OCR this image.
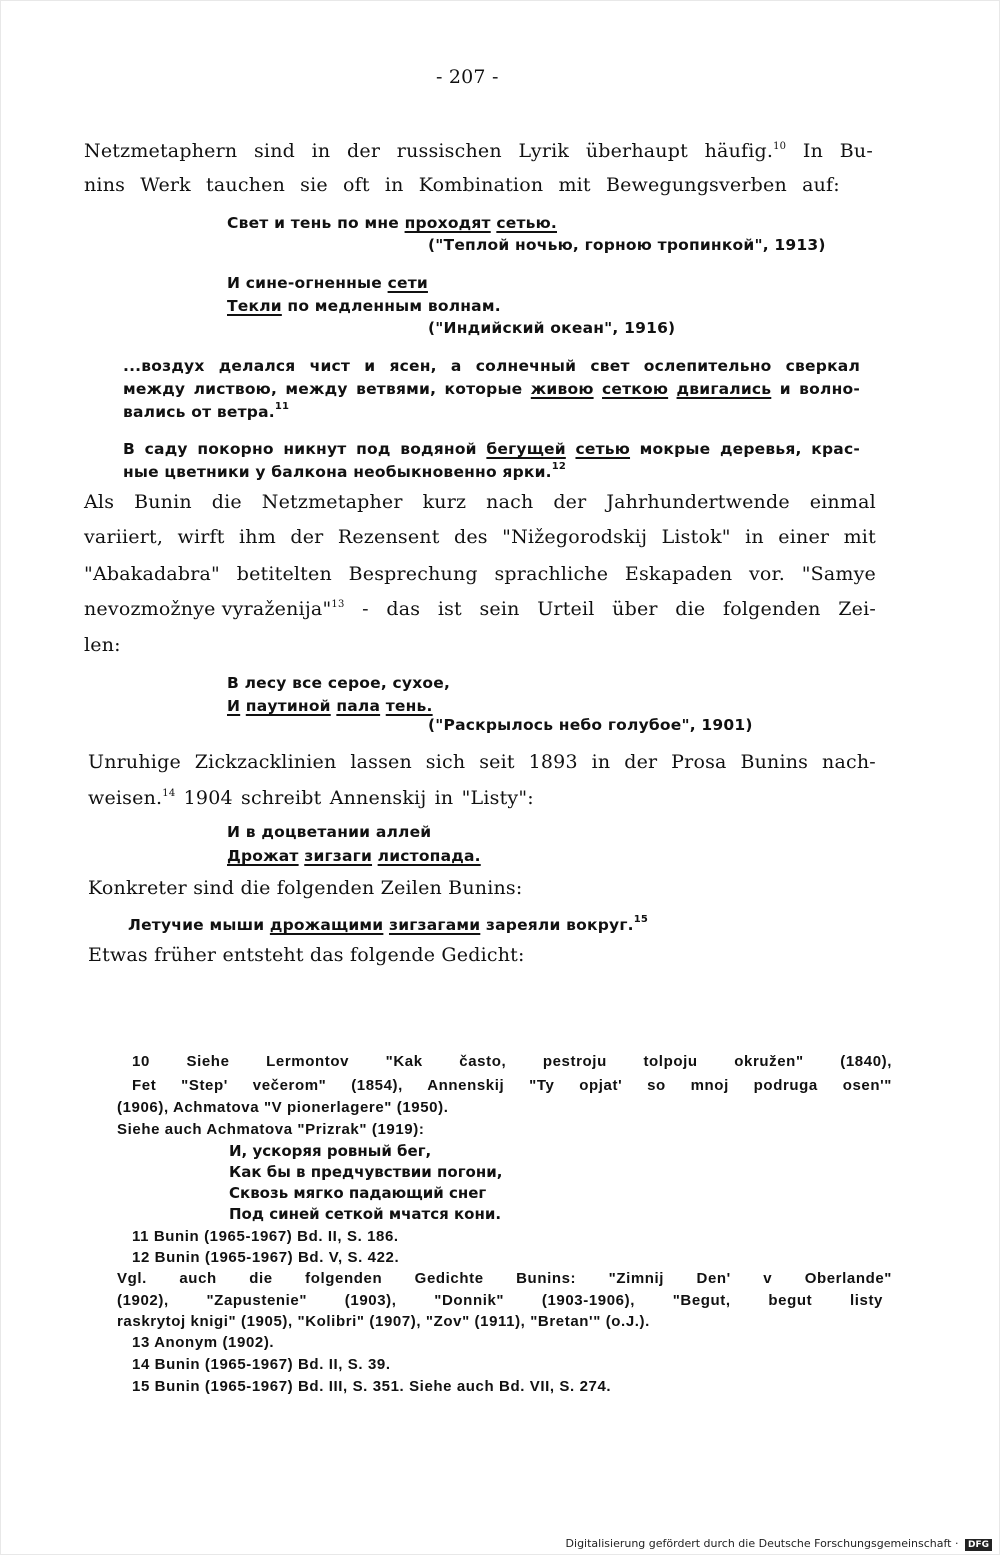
- 207 -
Netzmetaphern sind in der russischen Lyrik überhaupt häufig.$^{10}$ In Bu-
nins Werk tauchen sie oft in Kombination mit Bewegungsverben auf:
Свет и тень по мне проходят сетью.
("Теплой ночью, горною тропинкой", 1913)
И сине-огненные сети
Текли по медленным волнам.
("Индийский океан", 1916)
...воздух делался чист и ясен, а солнечный свет ослепительно сверкал
между листвою, между ветвями, которые живою сеткою двигались и волно-
вались от ветра.$^{11}$
В саду покорно никнут под водяной бегущей сетью мокрые деревья, крас-
ные цветники у балкона необыкновенно ярки.$^{12}$
Als Bunin die Netzmetapher kurz nach der Jahrhundertwende einmal
variiert, wirft ihm der Rezensent des "Nižegorodskij Listok" in einer mit
"Abakadabra" betitelten Besprechung sprachliche Eskapaden vor. "Samye
nevozmožnye vyraženija"$^{13}$ - das ist sein Urteil über die folgenden Zei-
len:
В лесу все серое, сухое,
И паутиной пала тень.
("Раскрылось небо голубое", 1901)
Unruhige Zickzacklinien lassen sich seit 1893 in der Prosa Bunins nach-
weisen.$^{14}$ 1904 schreibt Annenskij in "Listy":
И в доцветании аллей
Дрожат зигзаги листопада.
Konkreter sind die folgenden Zeilen Bunins:
Летучие мыши дрожащими зигзагами зареяли вокруг.$^{15}$
Etwas früher entsteht das folgende Gedicht:
10 Siehe Lermontov "Kak často, pestroju tolpoju okružen" (1840),
Fet "Step' večerom" (1854), Annenskij "Ty opjat' so mnoj podruga osen'"
(1906), Achmatova "V pionerlagere" (1950).
Siehe auch Achmatova "Prizrak" (1919):
И, ускоряя ровный бег,
Как бы в предчувствии погони,
Сквозь мягко падающий снег
Под синей сеткой мчатся кони.
11 Bunin (1965-1967) Bd. II, S. 186.
12 Bunin (1965-1967) Bd. V, S. 422.
Vgl. auch die folgenden Gedichte Bunins: "Zimnij Den' v Oberlande"
(1902), "Zapustenie" (1903), "Donnik" (1903-1906), "Begut, begut listy
raskrytoj knigi" (1905), "Kolibri" (1907), "Zov" (1911), "Bretan'" (o.J.).
13 Anonym (1902).
14 Bunin (1965-1967) Bd. II, S. 39.
15 Bunin (1965-1967) Bd. III, S. 351. Siehe auch Bd. VII, S. 274.
Digitalisierung gefördert durch die Deutsche Forschungsgemeinschaft · DFG
